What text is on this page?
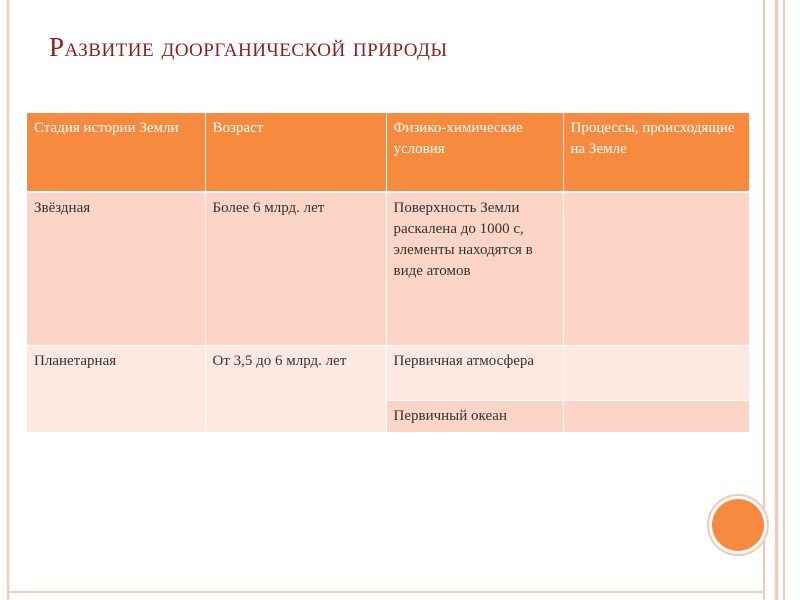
Развитие доорганической природы
Стадия истории Земли	Возраст	Физико-химические условия	Процессы, происходящие на Земле
Звёздная	Более 6 млрд. лет	Поверхность Земли раскалена до 1000 с, элементы находятся в виде атомов	
Планетарная	От 3,5 до 6 млрд. лет	Первичная атмосфера	
		Первичный океан	
